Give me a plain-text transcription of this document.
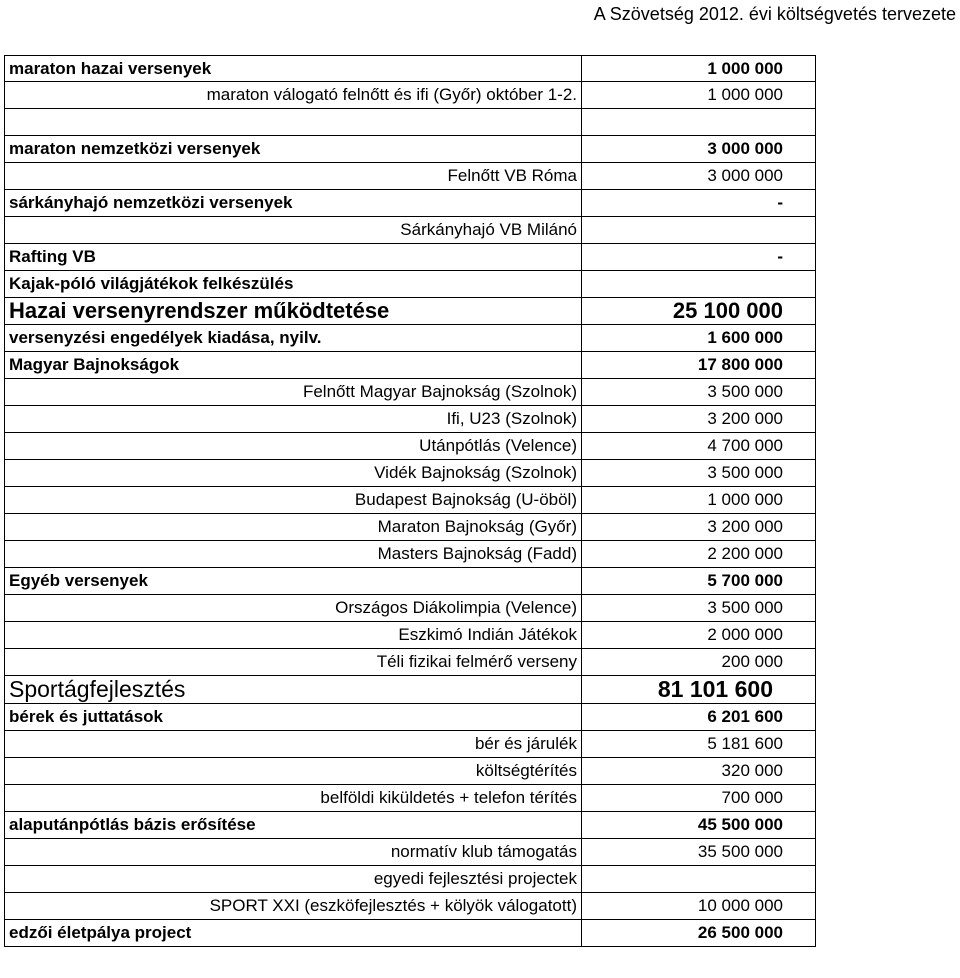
A Szövetség 2012. évi költségvetés tervezete
maraton hazai versenyek	1 000 000
maraton válogató felnőtt és ifi (Győr) október 1-2.	1 000 000
maraton nemzetközi versenyek	3 000 000
Felnőtt VB Róma	3 000 000
sárkányhajó nemzetközi versenyek	-
Sárkányhajó VB Milánó
Rafting VB	-
Kajak-póló világjátékok felkészülés
Hazai versenyrendszer működtetése	25 100 000
versenyzési engedélyek kiadása, nyilv.	1 600 000
Magyar Bajnokságok	17 800 000
Felnőtt Magyar Bajnokság (Szolnok)	3 500 000
Ifi, U23 (Szolnok)	3 200 000
Utánpótlás (Velence)	4 700 000
Vidék Bajnokság (Szolnok)	3 500 000
Budapest Bajnokság (U-öböl)	1 000 000
Maraton Bajnokság (Győr)	3 200 000
Masters Bajnokság (Fadd)	2 200 000
Egyéb versenyek	5 700 000
Országos Diákolimpia (Velence)	3 500 000
Eszkimó Indián Játékok	2 000 000
Téli fizikai felmérő verseny	200 000
Sportágfejlesztés	81 101 600
bérek és juttatások	6 201 600
bér és járulék	5 181 600
költségtérítés	320 000
belföldi kiküldetés + telefon térítés	700 000
alaputánpótlás bázis erősítése	45 500 000
normatív klub támogatás	35 500 000
egyedi fejlesztési projectek
SPORT XXI (eszköfejlesztés + kölyök válogatott)	10 000 000
edzői életpálya project	26 500 000
